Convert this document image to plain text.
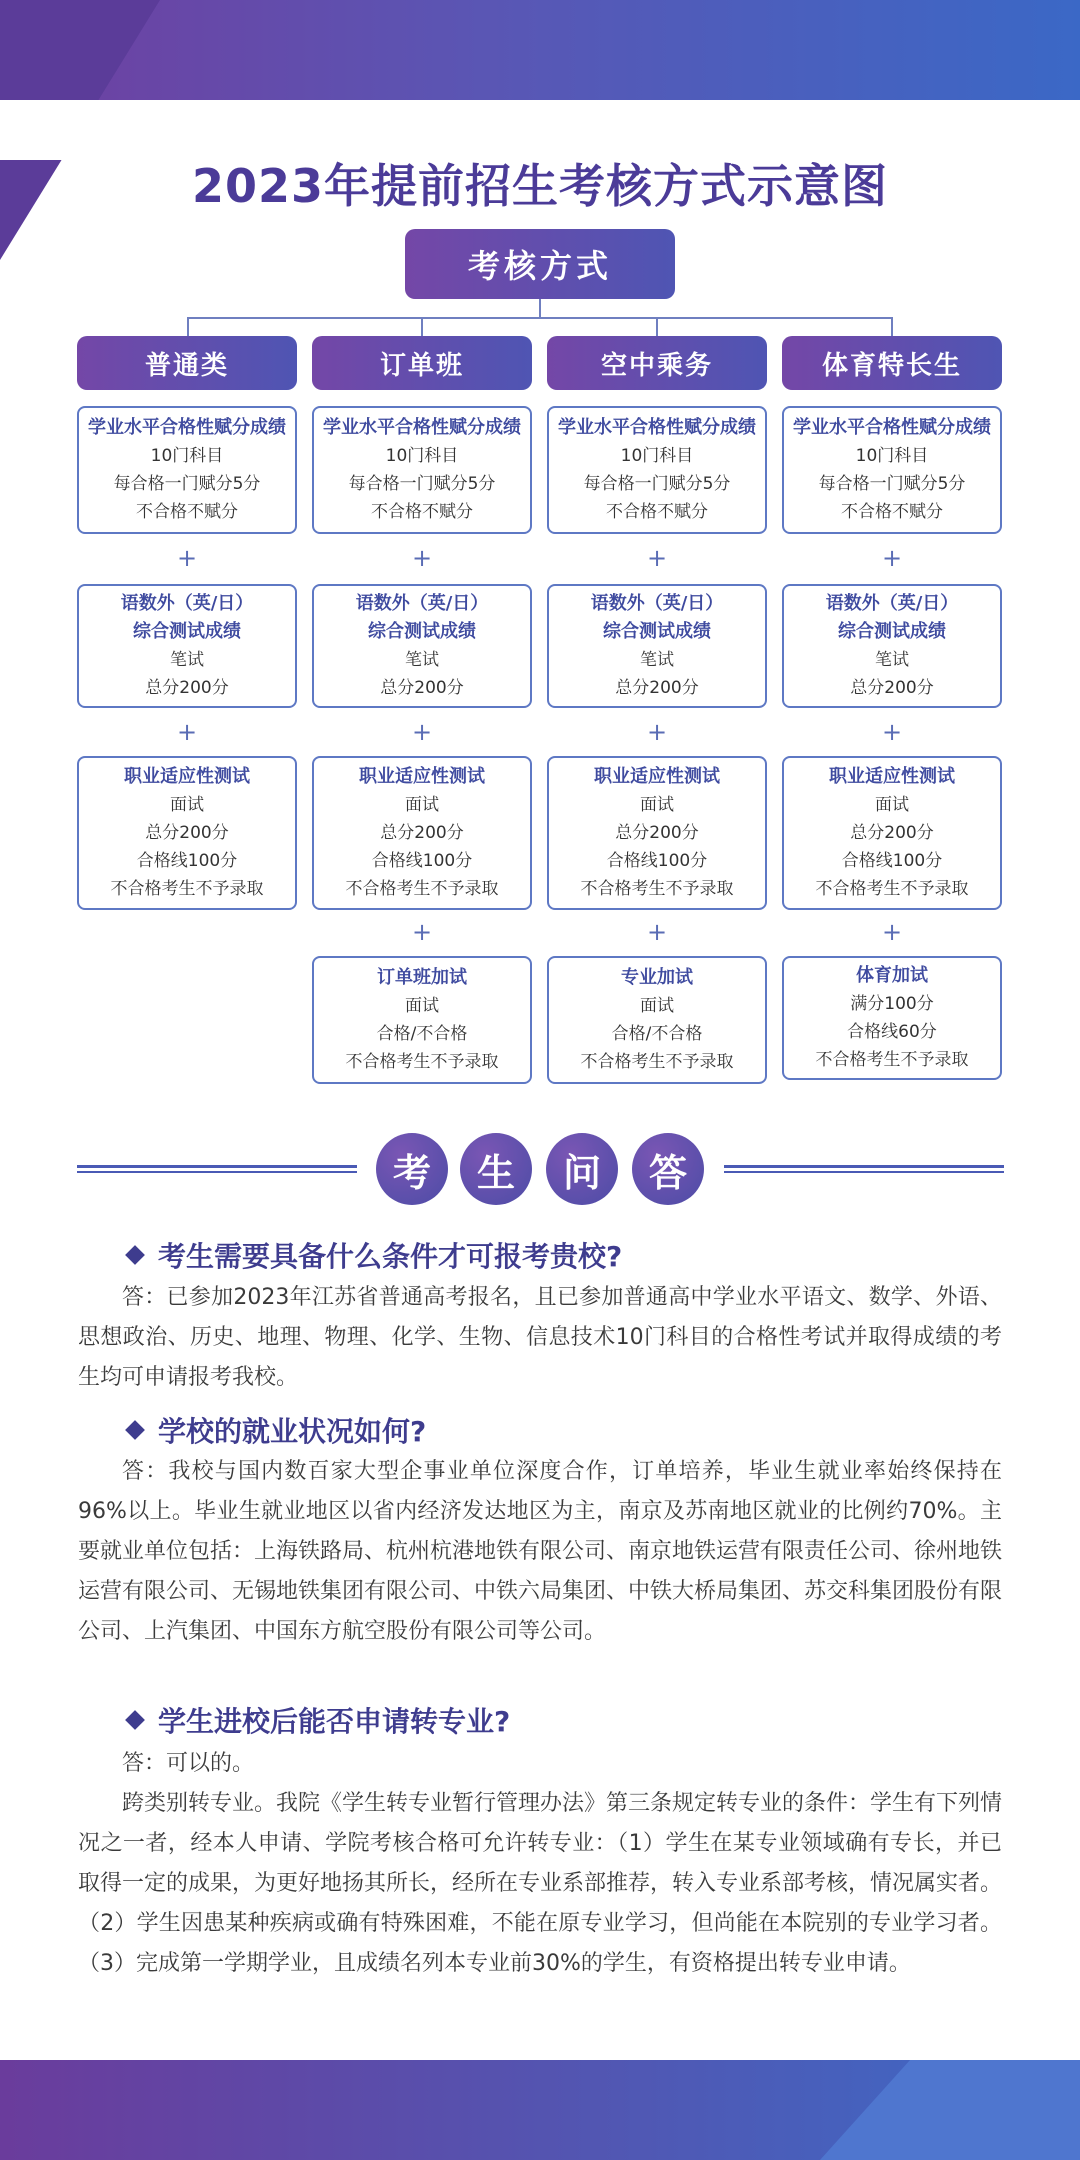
2023年提前招生考核方式示意图
考核方式
普通类
学业水平合格性赋分成绩
10门科目
每合格一门赋分5分
不合格不赋分
+
语数外（英/日）
综合测试成绩
笔试
总分200分
+
职业适应性测试
面试
总分200分
合格线100分
不合格考生不予录取
订单班
学业水平合格性赋分成绩
10门科目
每合格一门赋分5分
不合格不赋分
+
语数外（英/日）
综合测试成绩
笔试
总分200分
+
职业适应性测试
面试
总分200分
合格线100分
不合格考生不予录取
+
订单班加试
面试
合格/不合格
不合格考生不予录取
空中乘务
学业水平合格性赋分成绩
10门科目
每合格一门赋分5分
不合格不赋分
+
语数外（英/日）
综合测试成绩
笔试
总分200分
+
职业适应性测试
面试
总分200分
合格线100分
不合格考生不予录取
+
专业加试
面试
合格/不合格
不合格考生不予录取
体育特长生
学业水平合格性赋分成绩
10门科目
每合格一门赋分5分
不合格不赋分
+
语数外（英/日）
综合测试成绩
笔试
总分200分
+
职业适应性测试
面试
总分200分
合格线100分
不合格考生不予录取
+
体育加试
满分100分
合格线60分
不合格考生不予录取
考	生	问	答
考生需要具备什么条件才可报考贵校?
答：已参加2023年江苏省普通高考报名，且已参加普通高中学业水平语文、数学、外语、思想政治、历史、地理、物理、化学、生物、信息技术10门科目的合格性考试并取得成绩的考生均可申请报考我校。
学校的就业状况如何?
答：我校与国内数百家大型企事业单位深度合作，订单培养，毕业生就业率始终保持在96%以上。毕业生就业地区以省内经济发达地区为主，南京及苏南地区就业的比例约70%。主要就业单位包括：上海铁路局、杭州杭港地铁有限公司、南京地铁运营有限责任公司、徐州地铁运营有限公司、无锡地铁集团有限公司、中铁六局集团、中铁大桥局集团、苏交科集团股份有限公司、上汽集团、中国东方航空股份有限公司等公司。
学生进校后能否申请转专业?
答：可以的。
跨类别转专业。我院《学生转专业暂行管理办法》第三条规定转专业的条件：学生有下列情况之一者，经本人申请、学院考核合格可允许转专业：（1）学生在某专业领域确有专长，并已取得一定的成果，为更好地扬其所长，经所在专业系部推荐，转入专业系部考核，情况属实者。（2）学生因患某种疾病或确有特殊困难，不能在原专业学习，但尚能在本院别的专业学习者。（3）完成第一学期学业，且成绩名列本专业前30%的学生，有资格提出转专业申请。
